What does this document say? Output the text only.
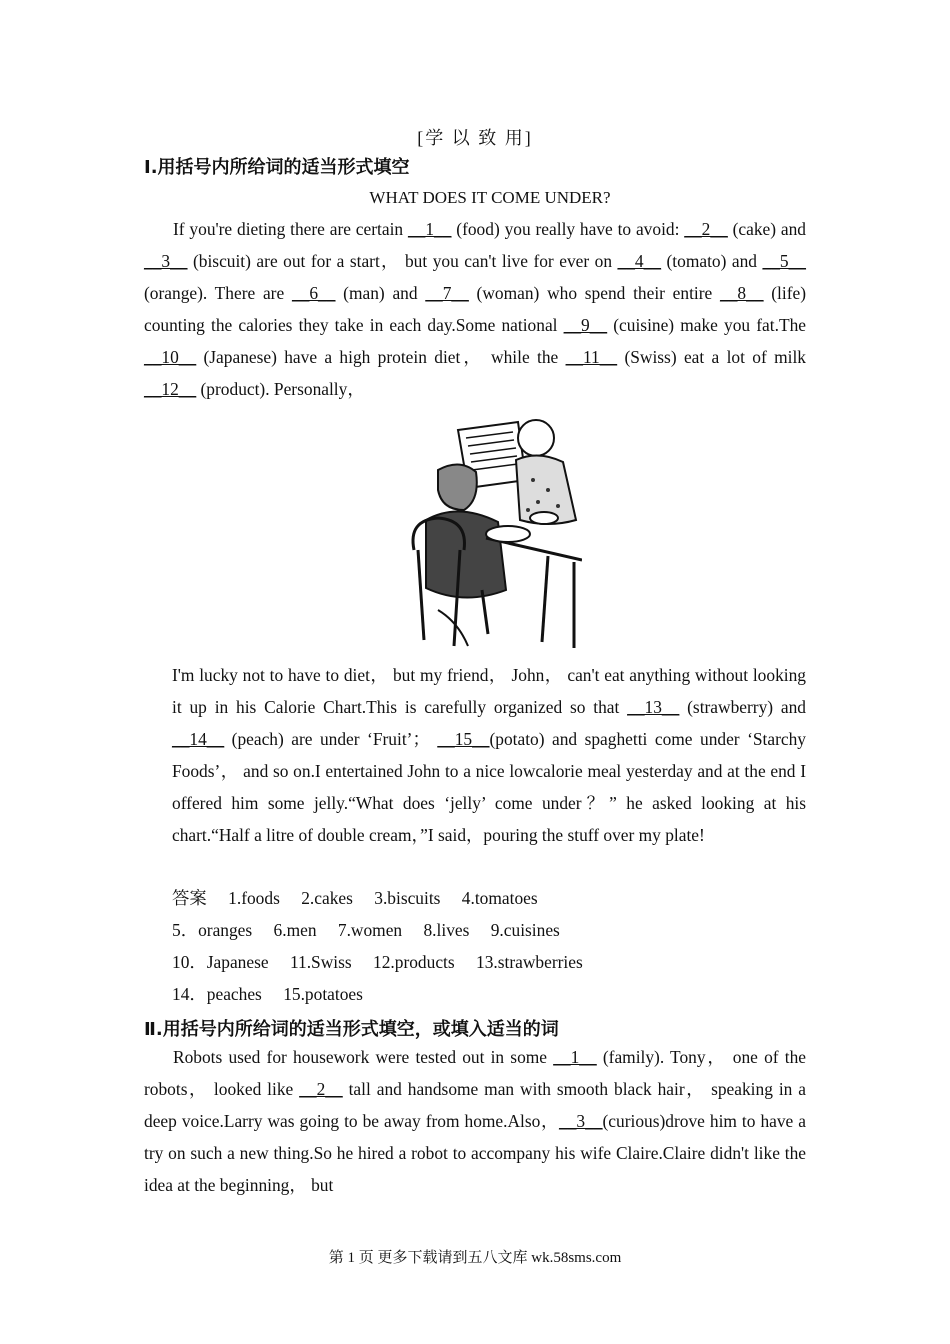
[学 以 致 用]
Ⅰ.用括号内所给词的适当形式填空
WHAT DOES IT COME UNDER?
If you're dieting there are certain __1__ (food) you really have to avoid: __2__ (cake) and __3__ (biscuit) are out for a start， but you can't live for ever on __4__ (tomato) and __5__ (orange). There are __6__ (man) and __7__ (woman) who spend their entire __8__ (life) counting the calories they take in each day.Some national __9__ (cuisine) make you fat.The __10__ (Japanese) have a high protein diet， while the __11__ (Swiss) eat a lot of milk __12__ (product). Personally，
I'm lucky not to have to diet， but my friend， John， can't eat anything without looking it up in his Calorie Chart.This is carefully organized so that __13__ (strawberry) and __14__ (peach) are under ‘Fruit’； __15__(potato) and spaghetti come under ‘Starchy Foods’， and so on.I entertained John to a nice lowcalorie meal yesterday and at the end I offered him some jelly.“What does ‘jelly’ come under？” he asked looking at his chart.“Half a litre of double cream，”I said，pouring the stuff over my plate!
答案 1.foods 2.cakes 3.biscuits 4.tomatoes
5．oranges 6.men 7.women 8.lives 9.cuisines
10．Japanese 11.Swiss 12.products 13.strawberries
14．peaches 15.potatoes
Ⅱ.用括号内所给词的适当形式填空，或填入适当的词
Robots used for housework were tested out in some __1__ (family). Tony， one of the robots， looked like __2__ tall and handsome man with smooth black hair， speaking in a deep voice.Larry was going to be away from home.Also，__3__(curious)drove him to have a try on such a new thing.So he hired a robot to accompany his wife Claire.Claire didn't like the idea at the beginning， but
第 1 页 更多下载请到五八文库 wk.58sms.com
